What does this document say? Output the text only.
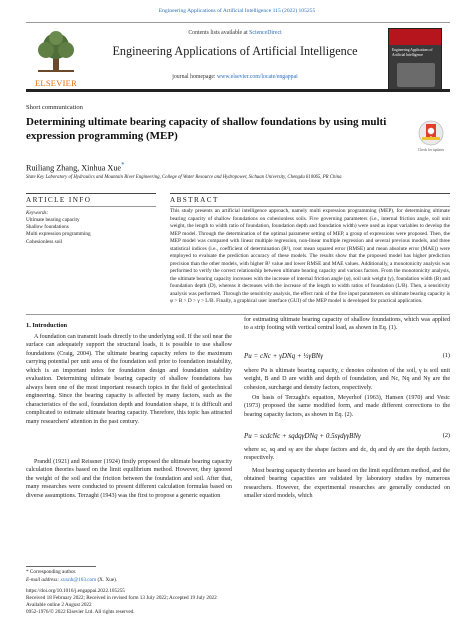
Engineering Applications of Artificial Intelligence 115 (2022) 105255
ELSEVIER
Contents lists available at ScienceDirect
Engineering Applications of Artificial Intelligence
journal homepage: www.elsevier.com/locate/engappai
Engineering Applications of Artificial Intelligence
Short communication
Determining ultimate bearing capacity of shallow foundations by using multi expression programming (MEP)
Check for updates
Ruiliang Zhang, Xinhua Xue*
State Key Laboratory of Hydraulics and Mountain River Engineering, College of Water Resource and Hydropower, Sichuan University, Chengdu 610065, PR China
ARTICLE INFO	ABSTRACT
Keywords:
Ultimate bearing capacity
Shallow foundations
Multi expression programming
Cohesionless soil
This study presents an artificial intelligence approach, namely multi expression programming (MEP), for determining ultimate bearing capacity of shallow foundations on cohesionless soils. Five governing parameters (i.e., internal friction angle, soil unit weight, the length to width ratio of foundation, foundation depth and foundation width) were used as input variables to develop the MEP model. Through the determination of the optimal parameter setting of MEP, a group of expressions were proposed. Then, the MEP model was compared with linear multiple regression, non-linear multiple regression and several previous models, and three statistical indices (i.e., coefficient of determination (R²), root mean squared error (RMSE) and mean absolute error (MAE)) were employed to evaluate the prediction accuracy of these models. The results show that the proposed model has higher prediction precision than the other models, with higher R² value and lower RMSE and MAE values. Additionally, a monotonicity analysis was performed to verify the correct relationship between ultimate bearing capacity and various factors. From the monotonicity analysis, the ultimate bearing capacity increases with the increase of internal friction angle (φ), soil unit weight (γ), foundation width (B) and foundation depth (D), whereas it decreases with the increase of the length to width ratios of foundation (L/B). Then, a sensitivity analysis was performed. Through the sensitivity analysis, the effect rank of the five input parameters on ultimate bearing capacity is φ > B > D > γ > L/B. Finally, a graphical user interface (GUI) of the MEP model is developed for practical application.
1. Introduction
A foundation can transmit loads directly to the underlying soil. If the soil near the surface can adequately support the structural loads, it is possible to use shallow foundations (Craig, 2004). The ultimate bearing capacity refers to the maximum carrying potential per unit area of the foundation soil prior to foundation instability, which is an important index for foundation design and foundation stability evaluation. Determining ultimate bearing capacity of shallow foundations has always been one of the most important research topics in the field of geotechnical engineering. Since the bearing capacity is affected by many factors, such as the characteristics of the soil, foundation depth and foundation shape, it is difficult and complicated to estimate ultimate bearing capacity. Therefore, this topic has attracted many researchers' attention in the past century.
Prandtl (1921) and Reissner (1924) firstly proposed the ultimate bearing capacity calculation theories based on the limit equilibrium method. However, they ignored the weight of the soil and the friction between the foundation and soil. After that, many researches were conducted to present different calculation formulas based on diverse assumptions. Terzaghi (1943) was the first to propose a generic equation
for estimating ultimate bearing capacity of shallow foundations, which was applied to a strip footing with vertical central load, as shown in Eq. (1).
Pu = cNc + γDNq + ½γBNγ	(1)
where Pu is ultimate bearing capacity, c denotes cohesion of the soil, γ is soil unit weight, B and D are width and depth of foundation, and Nc, Nq and Nγ are the cohesion, surcharge and density factors, respectively.
On basis of Terzaghi's equation, Meyerhof (1963), Hansen (1970) and Vesic (1973) proposed the same modified form, and made different corrections to the bearing capacity factors, as shown in Eq. (2).
Pu = scdcNc + sqdqγDNq + 0.5sγdγγBNγ	(2)
where sc, sq and sγ are the shape factors and dc, dq and dγ are the depth factors, respectively.
Most bearing capacity theories are based on the limit equilibrium method, and the obtained bearing capacities are validated by laboratory studies by numerous researchers. However, the experimental researches are generally conducted on smaller sized models, which
* Corresponding author.
E-mail address: xuxnh@163.com (X. Xue).
https://doi.org/10.1016/j.engappai.2022.105255
Received 18 February 2022; Received in revised form 13 July 2022; Accepted 19 July 2022
Available online 2 August 2022
0952-1976/© 2022 Elsevier Ltd. All rights reserved.
